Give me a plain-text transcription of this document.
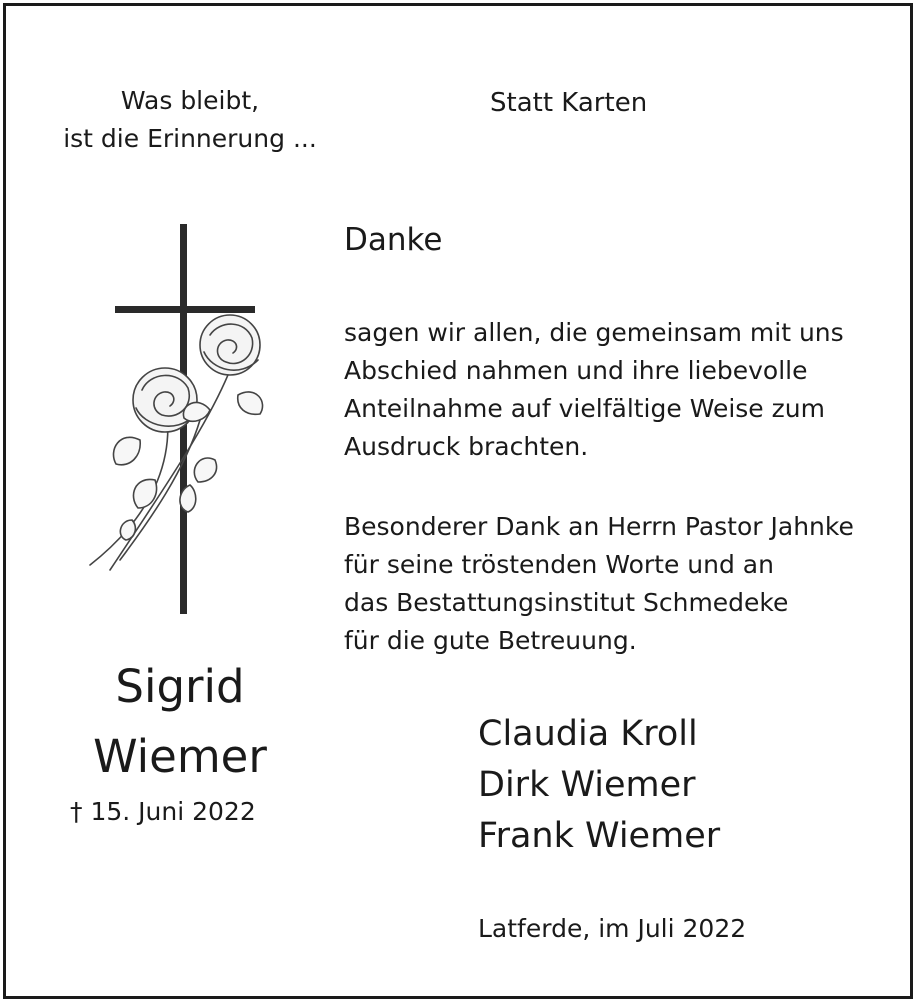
Was bleibt,
ist die Erinnerung ...
Statt Karten
Danke
sagen wir allen, die gemeinsam mit uns
Abschied nahmen und ihre liebevolle
Anteilnahme auf vielfältige Weise zum
Ausdruck brachten.
Besonderer Dank an Herrn Pastor Jahnke
für seine tröstenden Worte und an
das Bestattungsinstitut Schmedeke
für die gute Betreuung.
Sigrid
Wiemer
† 15. Juni 2022
Claudia Kroll
Dirk Wiemer
Frank Wiemer
Latferde, im Juli 2022
